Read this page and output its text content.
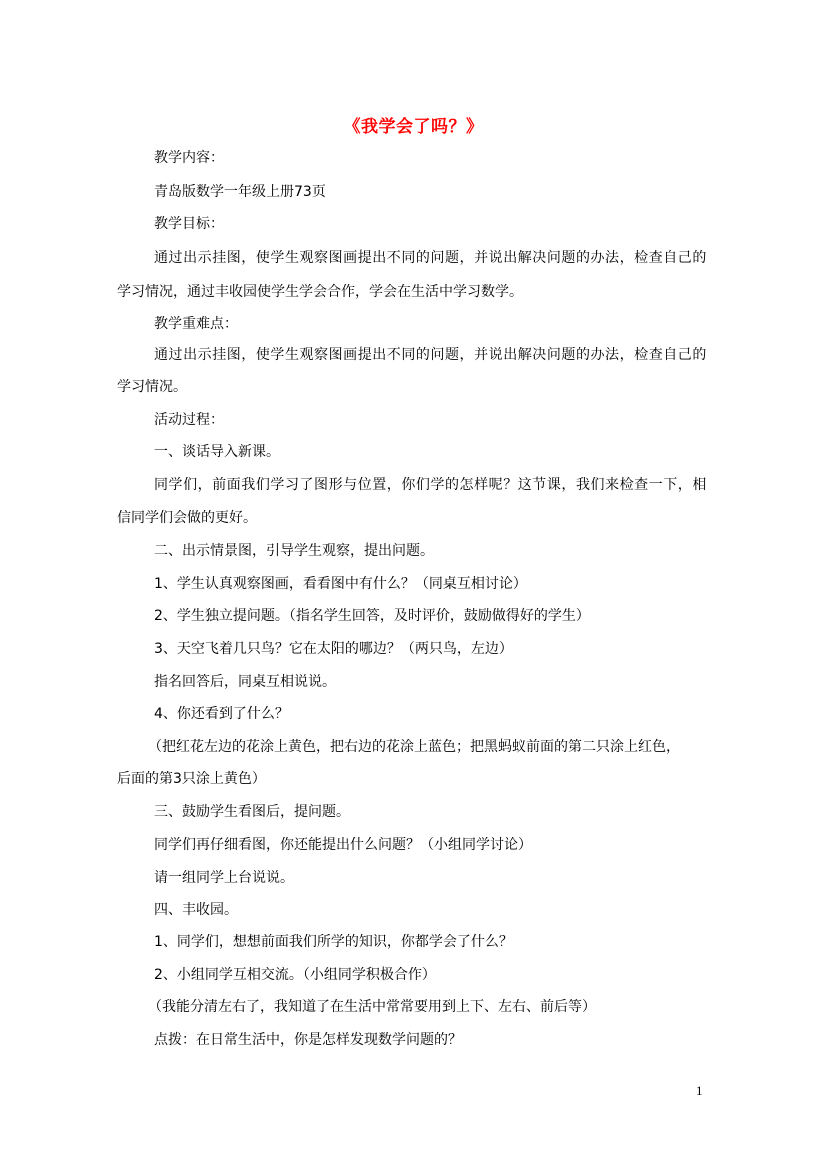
《我学会了吗？》
教学内容：
青岛版数学一年级上册73页
教学目标：
通过出示挂图，使学生观察图画提出不同的问题，并说出解决问题的办法，检查自己的
学习情况，通过丰收园使学生学会合作，学会在生活中学习数学。
教学重难点：
通过出示挂图，使学生观察图画提出不同的问题，并说出解决问题的办法，检查自己的
学习情况。
活动过程：
一、谈话导入新课。
同学们，前面我们学习了图形与位置，你们学的怎样呢？这节课，我们来检查一下，相
信同学们会做的更好。
二、出示情景图，引导学生观察，提出问题。
1、学生认真观察图画，看看图中有什么？（同桌互相讨论）
2、学生独立提问题。（指名学生回答，及时评价，鼓励做得好的学生）
3、天空飞着几只鸟？它在太阳的哪边？（两只鸟，左边）
指名回答后，同桌互相说说。
4、你还看到了什么？
（把红花左边的花涂上黄色，把右边的花涂上蓝色；把黑蚂蚁前面的第二只涂上红色，
后面的第3只涂上黄色）
三、鼓励学生看图后，提问题。
同学们再仔细看图，你还能提出什么问题？（小组同学讨论）
请一组同学上台说说。
四、丰收园。
1、同学们，想想前面我们所学的知识，你都学会了什么？
2、小组同学互相交流。（小组同学积极合作）
（我能分清左右了，我知道了在生活中常常要用到上下、左右、前后等）
点拨：在日常生活中，你是怎样发现数学问题的？
1
